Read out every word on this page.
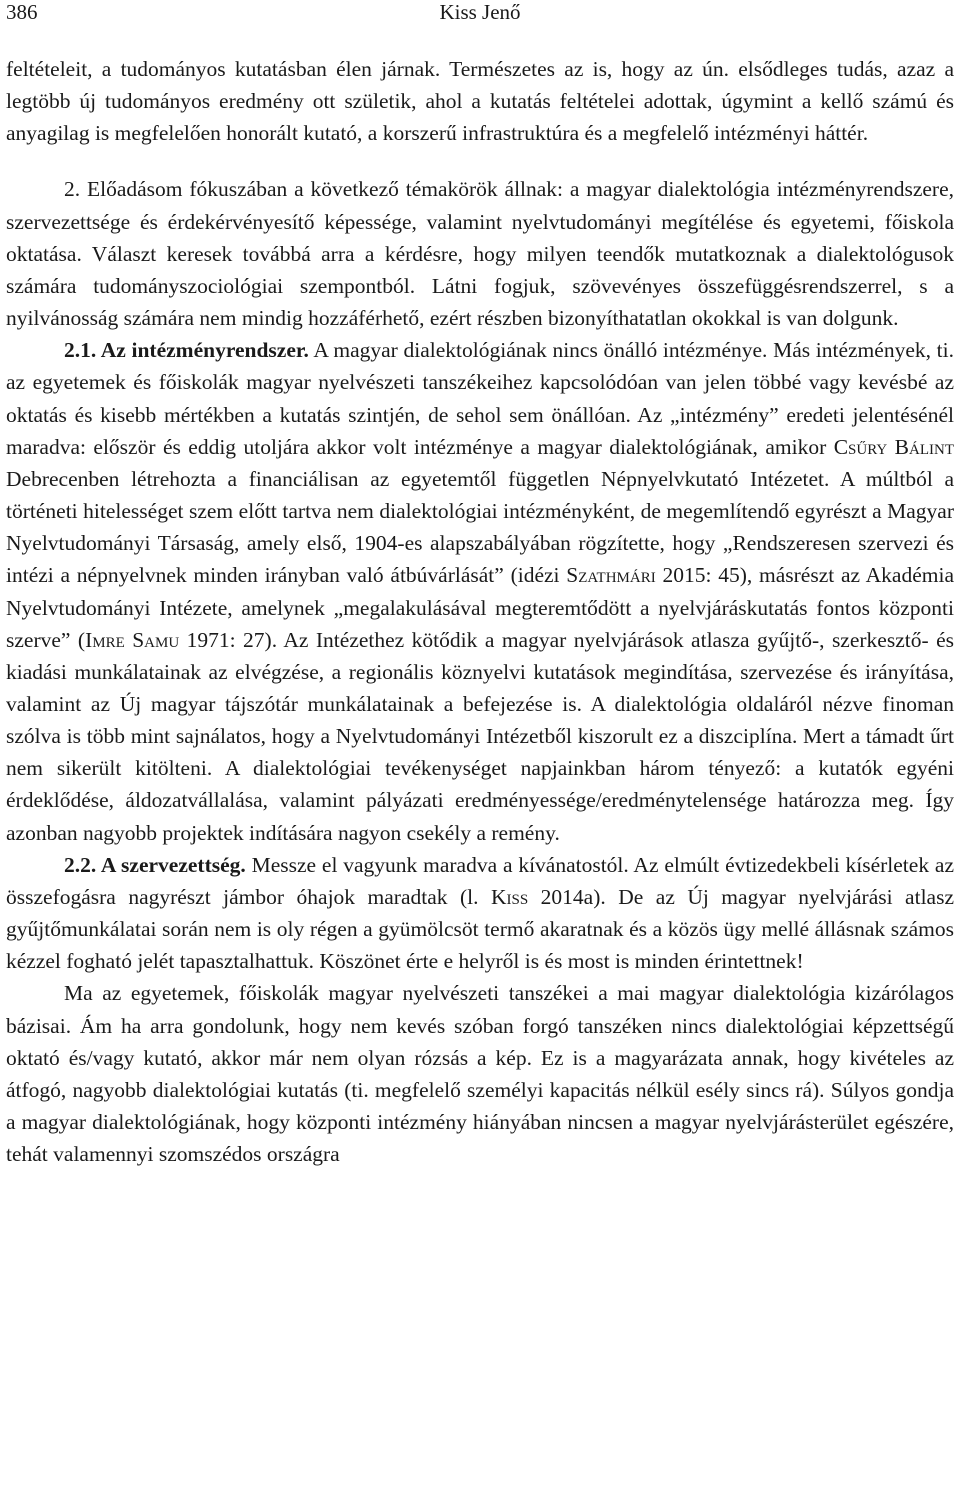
386	Kiss Jenő

feltételeit, a tudományos kutatásban élen járnak. Természetes az is, hogy az ún. elsődleges tudás, azaz a legtöbb új tudományos eredmény ott születik, ahol a kutatás feltételei adottak, úgymint a kellő számú és anyagilag is megfelelően honorált kutató, a korszerű infrastruktúra és a megfelelő intézményi háttér.

2. Előadásom fókuszában a következő témakörök állnak: a magyar dialektológia intézményrendszere, szervezettsége és érdekérvényesítő képessége, valamint nyelvtudományi megítélése és egyetemi, főiskola oktatása. Választ keresek továbbá arra a kérdésre, hogy milyen teendők mutatkoznak a dialektológusok számára tudományszociológiai szempontból. Látni fogjuk, szövevényes összefüggésrendszerrel, s a nyilvánosság számára nem mindig hozzáférhető, ezért részben bizonyíthatatlan okokkal is van dolgunk.

2.1. Az intézményrendszer. A magyar dialektológiának nincs önálló intézménye. Más intézmények, ti. az egyetemek és főiskolák magyar nyelvészeti tanszékeihez kapcsolódóan van jelen többé vagy kevésbé az oktatás és kisebb mértékben a kutatás szintjén, de sehol sem önállóan. Az „intézmény” eredeti jelentésénél maradva: először és eddig utoljára akkor volt intézménye a magyar dialektológiának, amikor Csűry Bálint Debrecenben létrehozta a financiálisan az egyetemtől független Népnyelvkutató Intézetet. A múltból a történeti hitelességet szem előtt tartva nem dialektológiai intézményként, de megemlítendő egyrészt a Magyar Nyelvtudományi Társaság, amely első, 1904-es alapszabályában rögzítette, hogy „Rendszeresen szervezi és intézi a népnyelvnek minden irányban való átbúvárlását” (idézi Szathmári 2015: 45), másrészt az Akadémia Nyelvtudományi Intézete, amelynek „megalakulásával megteremtődött a nyelvjáráskutatás fontos központi szerve” (Imre Samu 1971: 27). Az Intézethez kötődik a magyar nyelvjárások atlasza gyűjtő-, szerkesztő- és kiadási munkálatainak az elvégzése, a regionális köznyelvi kutatások megindítása, szervezése és irányítása, valamint az Új magyar tájszótár munkálatainak a befejezése is. A dialektológia oldaláról nézve finoman szólva is több mint sajnálatos, hogy a Nyelvtudományi Intézetből kiszorult ez a diszciplína. Mert a támadt űrt nem sikerült kitölteni. A dialektológiai tevékenységet napjainkban három tényező: a kutatók egyéni érdeklődése, áldozatvállalása, valamint pályázati eredményessége/eredménytelensége határozza meg. Így azonban nagyobb projektek indítására nagyon csekély a remény.

2.2. A szervezettség. Messze el vagyunk maradva a kívánatostól. Az elmúlt évtizedekbeli kísérletek az összefogásra nagyrészt jámbor óhajok maradtak (l. Kiss 2014a). De az Új magyar nyelvjárási atlasz gyűjtőmunkálatai során nem is oly régen a gyümölcsöt termő akaratnak és a közös ügy mellé állásnak számos kézzel fogható jelét tapasztalhattuk. Köszönet érte e helyről is és most is minden érintettnek!

Ma az egyetemek, főiskolák magyar nyelvészeti tanszékei a mai magyar dialektológia kizárólagos bázisai. Ám ha arra gondolunk, hogy nem kevés szóban forgó tanszéken nincs dialektológiai képzettségű oktató és/vagy kutató, akkor már nem olyan rózsás a kép. Ez is a magyarázata annak, hogy kivételes az átfogó, nagyobb dialektológiai kutatás (ti. megfelelő személyi kapacitás nélkül esély sincs rá). Súlyos gondja a magyar dialektológiának, hogy központi intézmény hiányában nincsen a magyar nyelvjárásterület egészére, tehát valamennyi szomszédos országra
